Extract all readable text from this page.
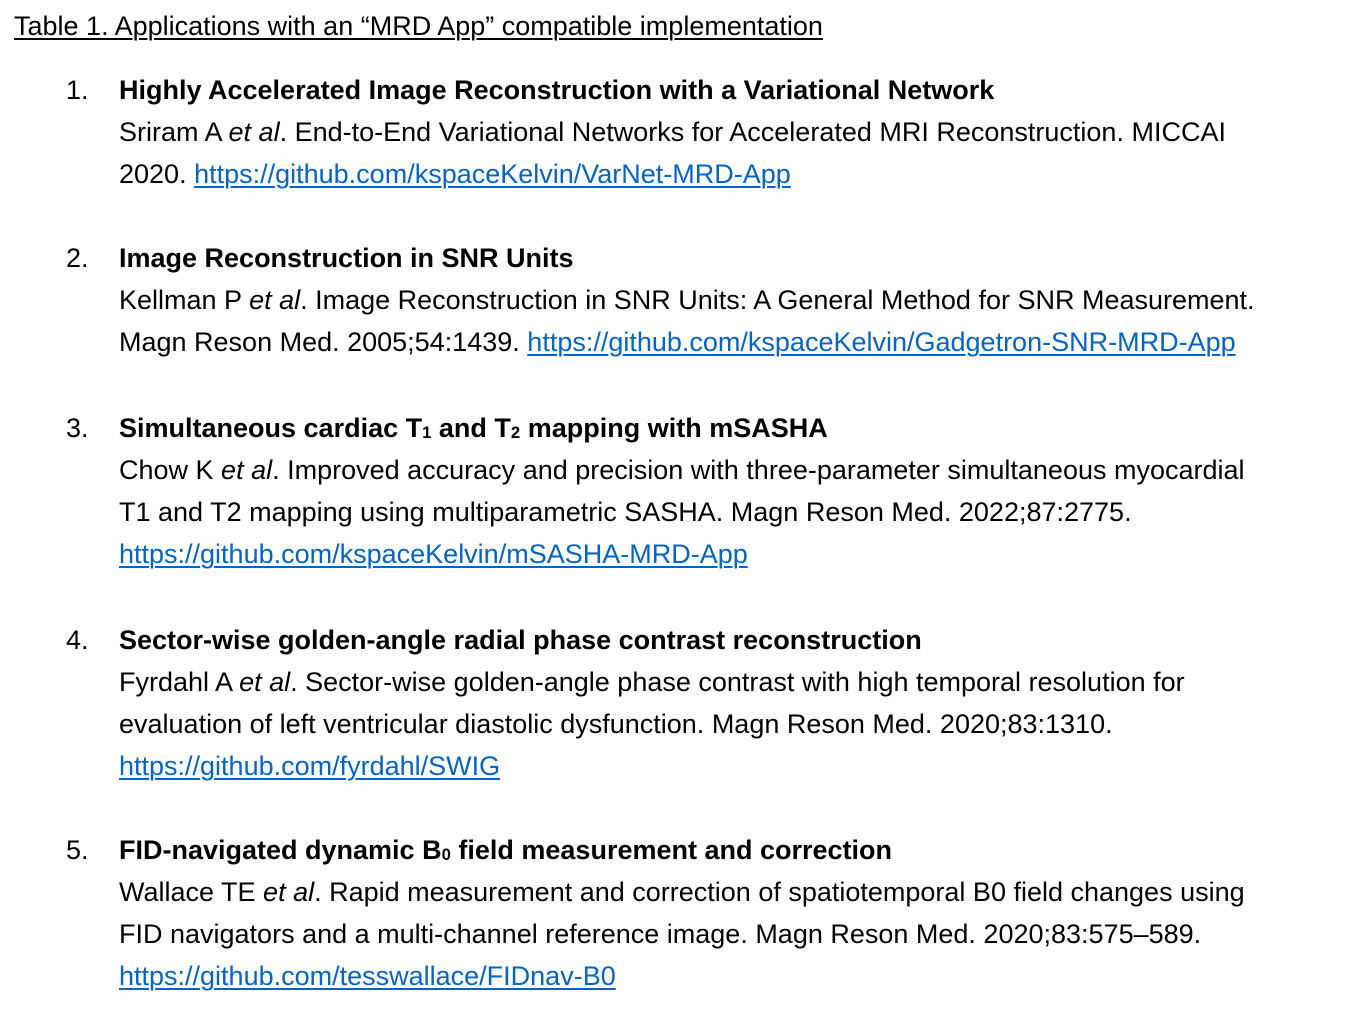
Table 1. Applications with an “MRD App” compatible implementation
1. Highly Accelerated Image Reconstruction with a Variational Network
Sriram A et al. End-to-End Variational Networks for Accelerated MRI Reconstruction. MICCAI
2020. https://github.com/kspaceKelvin/VarNet-MRD-App
2. Image Reconstruction in SNR Units
Kellman P et al. Image Reconstruction in SNR Units: A General Method for SNR Measurement.
Magn Reson Med. 2005;54:1439. https://github.com/kspaceKelvin/Gadgetron-SNR-MRD-App
3. Simultaneous cardiac $T_1$ and $T_2$ mapping with mSASHA
Chow K et al. Improved accuracy and precision with three-parameter simultaneous myocardial
T1 and T2 mapping using multiparametric SASHA. Magn Reson Med. 2022;87:2775.
https://github.com/kspaceKelvin/mSASHA-MRD-App
4. Sector-wise golden-angle radial phase contrast reconstruction
Fyrdahl A et al. Sector-wise golden-angle phase contrast with high temporal resolution for
evaluation of left ventricular diastolic dysfunction. Magn Reson Med. 2020;83:1310.
https://github.com/fyrdahl/SWIG
5. FID-navigated dynamic $B_0$ field measurement and correction
Wallace TE et al. Rapid measurement and correction of spatiotemporal B0 field changes using
FID navigators and a multi-channel reference image. Magn Reson Med. 2020;83:575–589.
https://github.com/tesswallace/FIDnav-B0
